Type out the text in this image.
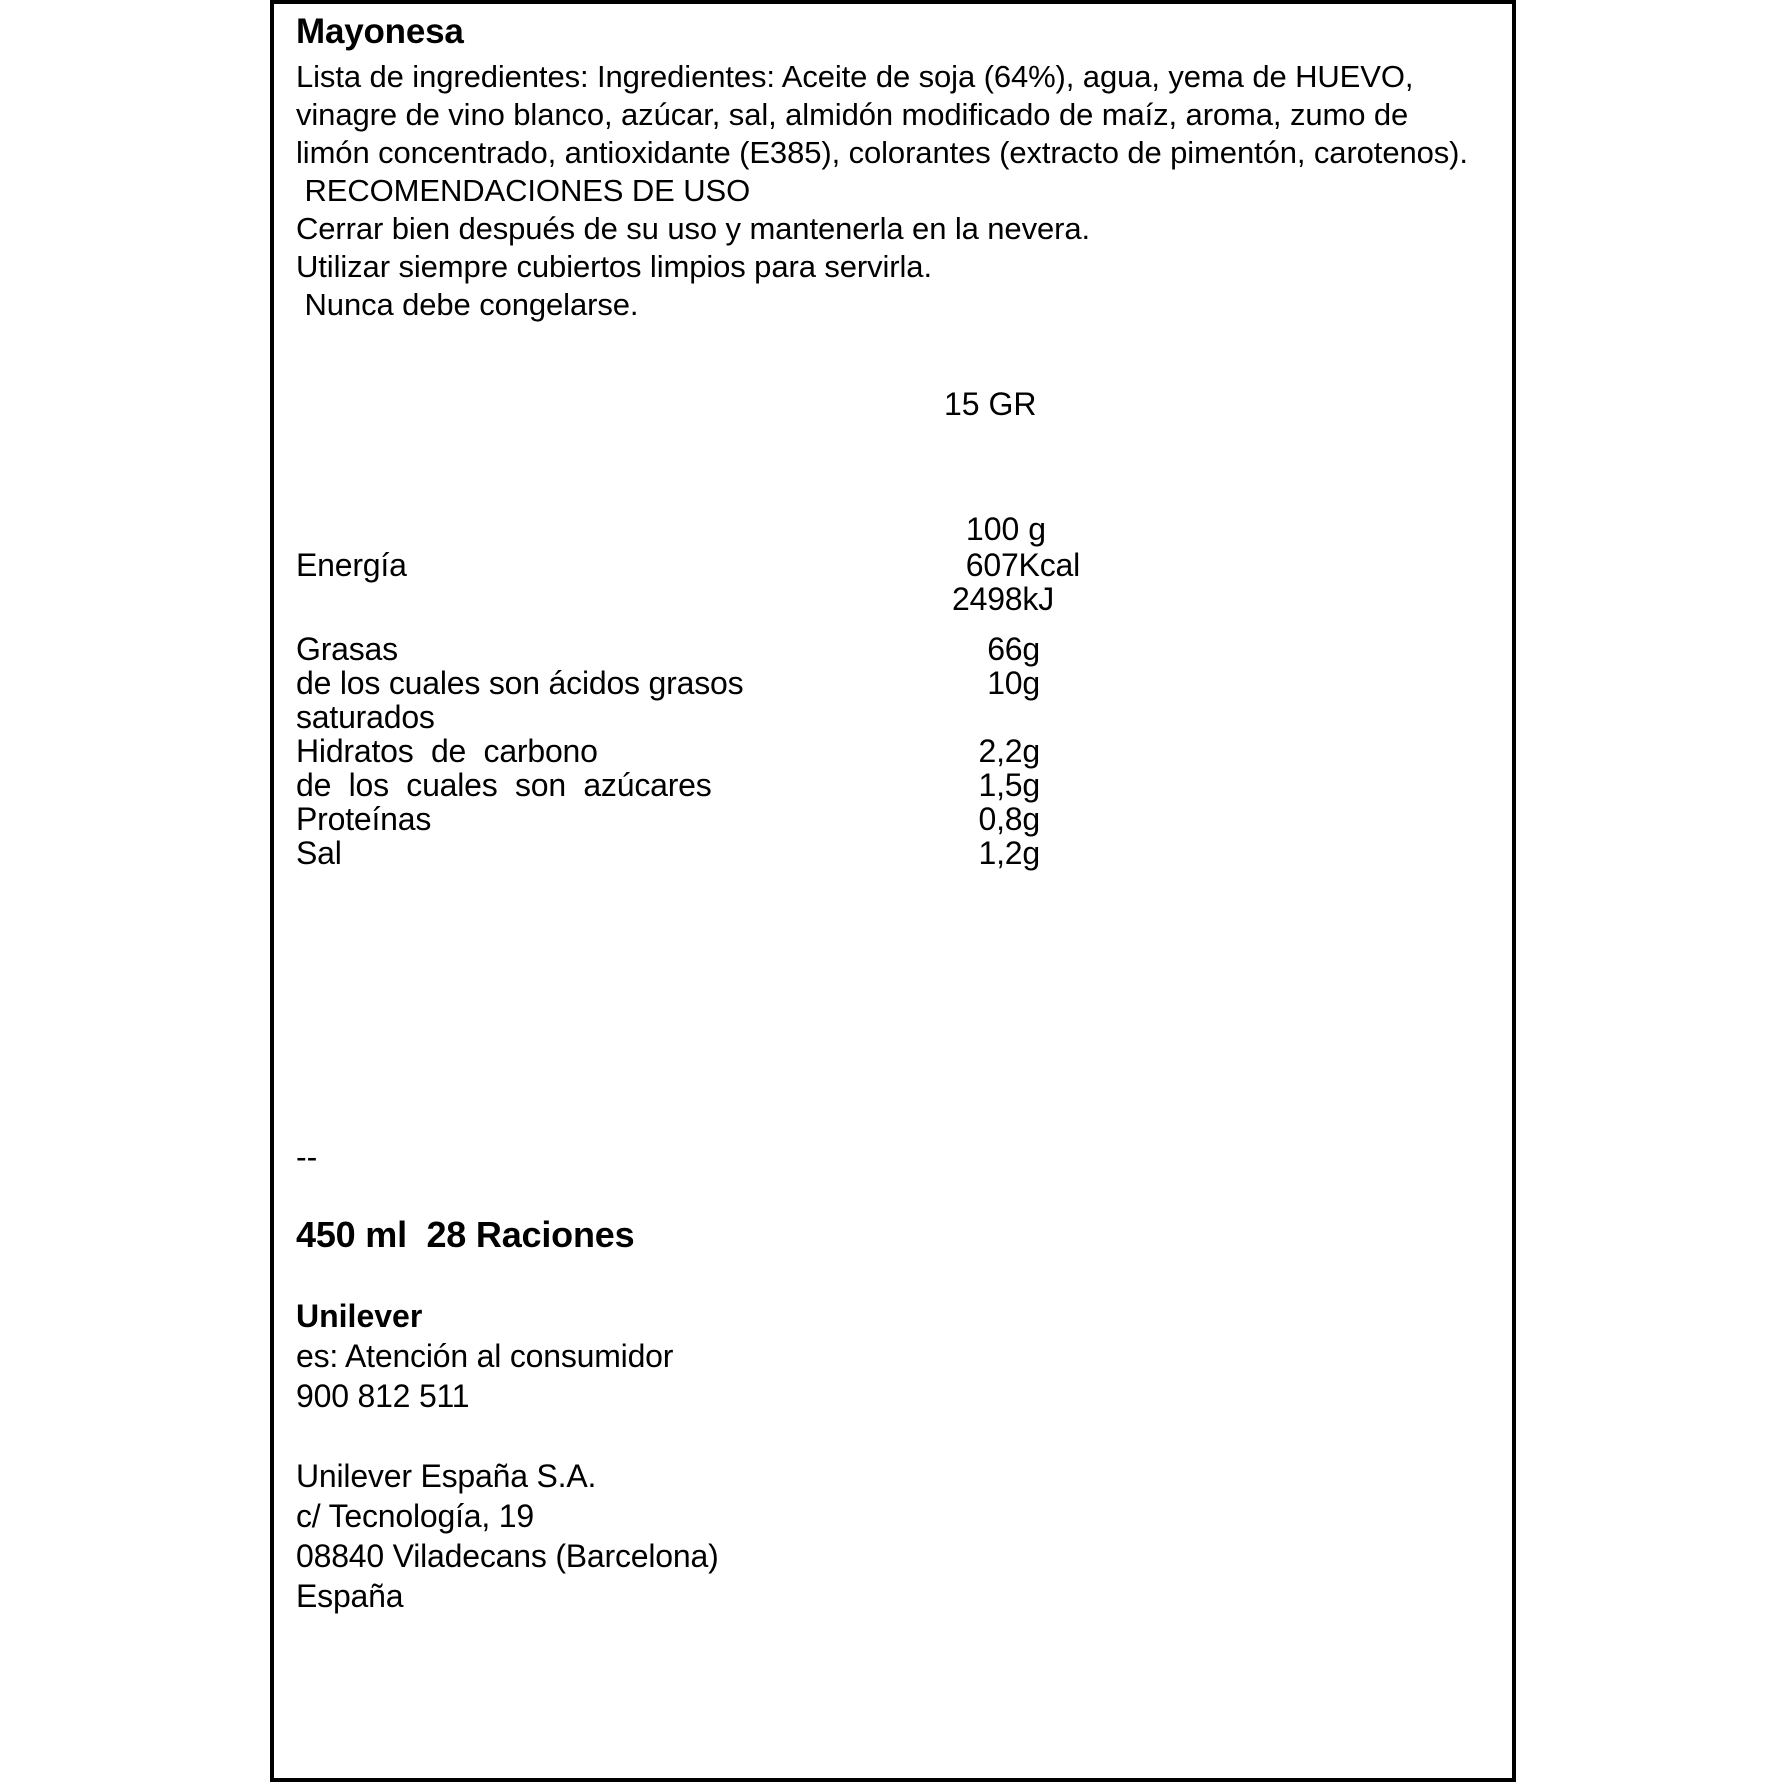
Mayonesa

Lista de ingredientes: Ingredientes: Aceite de soja (64%), agua, yema de HUEVO, vinagre de vino blanco, azúcar, sal, almidón modificado de maíz, aroma, zumo de limón concentrado, antioxidante (E385), colorantes (extracto de pimentón, carotenos).

RECOMENDACIONES DE USO
Cerrar bien después de su uso y mantenerla en la nevera.
Utilizar siempre cubiertos limpios para servirla.
Nunca debe congelarse.
15 GR
100 g
Energía	607Kcal
2498kJ
Grasas	66g
de los cuales son ácidos grasos	10g
saturados
Hidratos  de  carbono	2,2g
de  los  cuales  son  azúcares	1,5g
Proteínas	0,8g
Sal	1,2g

--

450 ml  28 Raciones

Unilever

es: Atención al consumidor

900 812 511

Unilever España S.A.

c/ Tecnología, 19

08840 Viladecans (Barcelona)

España
